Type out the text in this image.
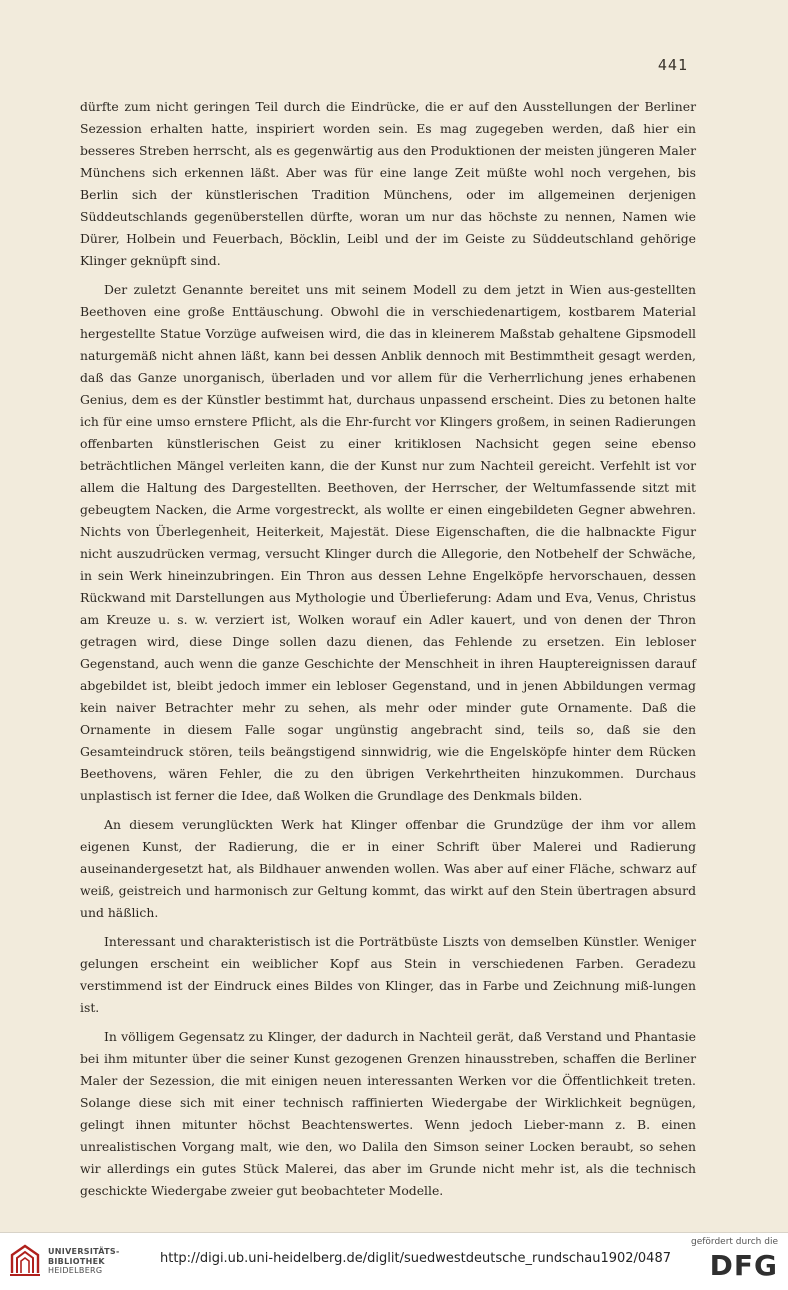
441

dürfte zum nicht geringen Teil durch die Eindrücke, die er auf den Ausstellungen der Berliner Sezession erhalten hatte, inspiriert worden sein. Es mag zugegeben werden, daß hier ein besseres Streben herrscht, als es gegenwärtig aus den Produktionen der meisten jüngeren Maler Münchens sich erkennen läßt. Aber was für eine lange Zeit müßte wohl noch vergehen, bis Berlin sich der künstlerischen Tradition Münchens, oder im allgemeinen derjenigen Süddeutschlands gegenüberstellen dürfte, woran um nur das höchste zu nennen, Namen wie Dürer, Holbein und Feuerbach, Böcklin, Leibl und der im Geiste zu Süddeutschland gehörige Klinger geknüpft sind.

Der zuletzt Genannte bereitet uns mit seinem Modell zu dem jetzt in Wien aus-gestellten Beethoven eine große Enttäuschung. Obwohl die in verschiedenartigem, kostbarem Material hergestellte Statue Vorzüge aufweisen wird, die das in kleinerem Maßstab gehaltene Gipsmodell naturgemäß nicht ahnen läßt, kann bei dessen Anblik dennoch mit Bestimmtheit gesagt werden, daß das Ganze unorganisch, überladen und vor allem für die Verherrlichung jenes erhabenen Genius, dem es der Künstler bestimmt hat, durchaus unpassend erscheint. Dies zu betonen halte ich für eine umso ernstere Pflicht, als die Ehr-furcht vor Klingers großem, in seinen Radierungen offenbarten künstlerischen Geist zu einer kritiklosen Nachsicht gegen seine ebenso beträchtlichen Mängel verleiten kann, die der Kunst nur zum Nachteil gereicht. Verfehlt ist vor allem die Haltung des Dargestellten. Beethoven, der Herrscher, der Weltumfassende sitzt mit gebeugtem Nacken, die Arme vorgestreckt, als wollte er einen eingebildeten Gegner abwehren. Nichts von Überlegenheit, Heiterkeit, Majestät. Diese Eigenschaften, die die halbnackte Figur nicht auszudrücken vermag, versucht Klinger durch die Allegorie, den Notbehelf der Schwäche, in sein Werk hineinzubringen. Ein Thron aus dessen Lehne Engelköpfe hervorschauen, dessen Rückwand mit Darstellungen aus Mythologie und Überlieferung: Adam und Eva, Venus, Christus am Kreuze u. s. w. verziert ist, Wolken worauf ein Adler kauert, und von denen der Thron getragen wird, diese Dinge sollen dazu dienen, das Fehlende zu ersetzen. Ein lebloser Gegenstand, auch wenn die ganze Geschichte der Menschheit in ihren Hauptereignissen darauf abgebildet ist, bleibt jedoch immer ein lebloser Gegenstand, und in jenen Abbildungen vermag kein naiver Betrachter mehr zu sehen, als mehr oder minder gute Ornamente. Daß die Ornamente in diesem Falle sogar ungünstig angebracht sind, teils so, daß sie den Gesamteindruck stören, teils beängstigend sinnwidrig, wie die Engelsköpfe hinter dem Rücken Beethovens, wären Fehler, die zu den übrigen Verkehrtheiten hinzukommen. Durchaus unplastisch ist ferner die Idee, daß Wolken die Grundlage des Denkmals bilden.

An diesem verunglückten Werk hat Klinger offenbar die Grundzüge der ihm vor allem eigenen Kunst, der Radierung, die er in einer Schrift über Malerei und Radierung auseinandergesetzt hat, als Bildhauer anwenden wollen. Was aber auf einer Fläche, schwarz auf weiß, geistreich und harmonisch zur Geltung kommt, das wirkt auf den Stein übertragen absurd und häßlich.

Interessant und charakteristisch ist die Porträtbüste Liszts von demselben Künstler. Weniger gelungen erscheint ein weiblicher Kopf aus Stein in verschiedenen Farben. Geradezu verstimmend ist der Eindruck eines Bildes von Klinger, das in Farbe und Zeichnung miß-lungen ist.

In völligem Gegensatz zu Klinger, der dadurch in Nachteil gerät, daß Verstand und Phantasie bei ihm mitunter über die seiner Kunst gezogenen Grenzen hinausstreben, schaffen die Berliner Maler der Sezession, die mit einigen neuen interessanten Werken vor die Öffentlichkeit treten. Solange diese sich mit einer technisch raffinierten Wiedergabe der Wirklichkeit begnügen, gelingt ihnen mitunter höchst Beachtenswertes. Wenn jedoch Lieber-mann z. B. einen unrealistischen Vorgang malt, wie den, wo Dalila den Simson seiner Locken beraubt, so sehen wir allerdings ein gutes Stück Malerei, das aber im Grunde nicht mehr ist, als die technisch geschickte Wiedergabe zweier gut beobachteter Modelle.

UNIVERSITÄTS-
BIBLIOTHEK
HEIDELBERG
http://digi.ub.uni-heidelberg.de/diglit/suedwestdeutsche_rundschau1902/0487
gefördert durch die
DFG
